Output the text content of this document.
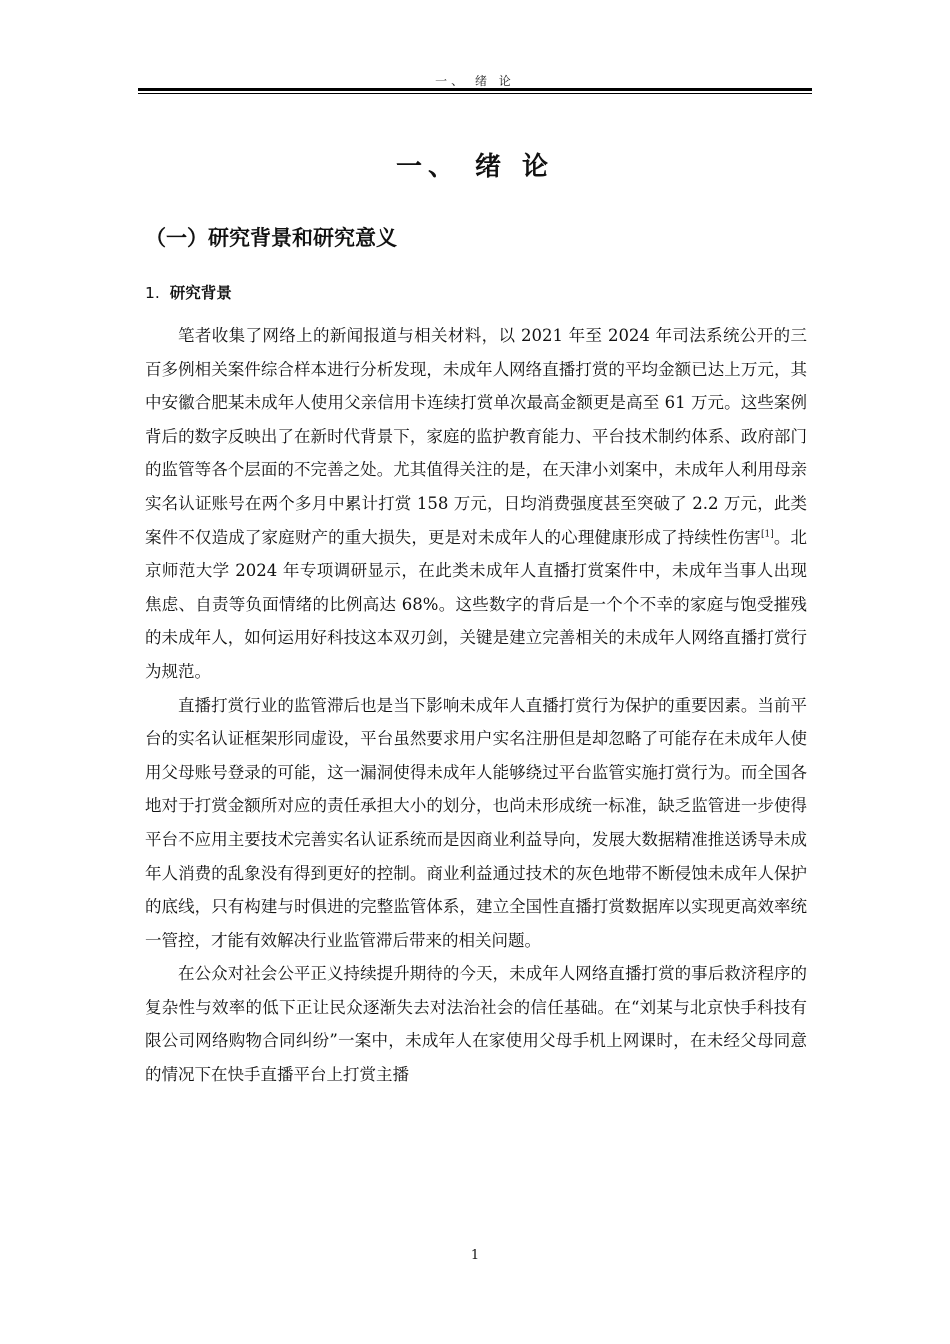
一、 绪 论
一、 绪 论
（一）研究背景和研究意义
1. 研究背景

笔者收集了网络上的新闻报道与相关材料，以 2021 年至 2024 年司法系统公开的三百多例相关案件综合样本进行分析发现，未成年人网络直播打赏的平均金额已达上万元，其中安徽合肥某未成年人使用父亲信用卡连续打赏单次最高金额更是高至 61 万元。这些案例背后的数字反映出了在新时代背景下，家庭的监护教育能力、平台技术制约体系、政府部门的监管等各个层面的不完善之处。尤其值得关注的是，在天津小刘案中，未成年人利用母亲实名认证账号在两个多月中累计打赏 158 万元，日均消费强度甚至突破了 2.2 万元，此类案件不仅造成了家庭财产的重大损失，更是对未成年人的心理健康形成了持续性伤害[1]。北京师范大学 2024 年专项调研显示，在此类未成年人直播打赏案件中，未成年当事人出现焦虑、自责等负面情绪的比例高达 68%。这些数字的背后是一个个不幸的家庭与饱受摧残的未成年人，如何运用好科技这本双刃剑，关键是建立完善相关的未成年人网络直播打赏行为规范。

直播打赏行业的监管滞后也是当下影响未成年人直播打赏行为保护的重要因素。当前平台的实名认证框架形同虚设，平台虽然要求用户实名注册但是却忽略了可能存在未成年人使用父母账号登录的可能，这一漏洞使得未成年人能够绕过平台监管实施打赏行为。而全国各地对于打赏金额所对应的责任承担大小的划分，也尚未形成统一标准，缺乏监管进一步使得平台不应用主要技术完善实名认证系统而是因商业利益导向，发展大数据精准推送诱导未成年人消费的乱象没有得到更好的控制。商业利益通过技术的灰色地带不断侵蚀未成年人保护的底线，只有构建与时俱进的完整监管体系，建立全国性直播打赏数据库以实现更高效率统一管控，才能有效解决行业监管滞后带来的相关问题。

在公众对社会公平正义持续提升期待的今天，未成年人网络直播打赏的事后救济程序的复杂性与效率的低下正让民众逐渐失去对法治社会的信任基础。在“刘某与北京快手科技有限公司网络购物合同纠纷”一案中，未成年人在家使用父母手机上网课时，在未经父母同意的情况下在快手直播平台上打赏主播

1
